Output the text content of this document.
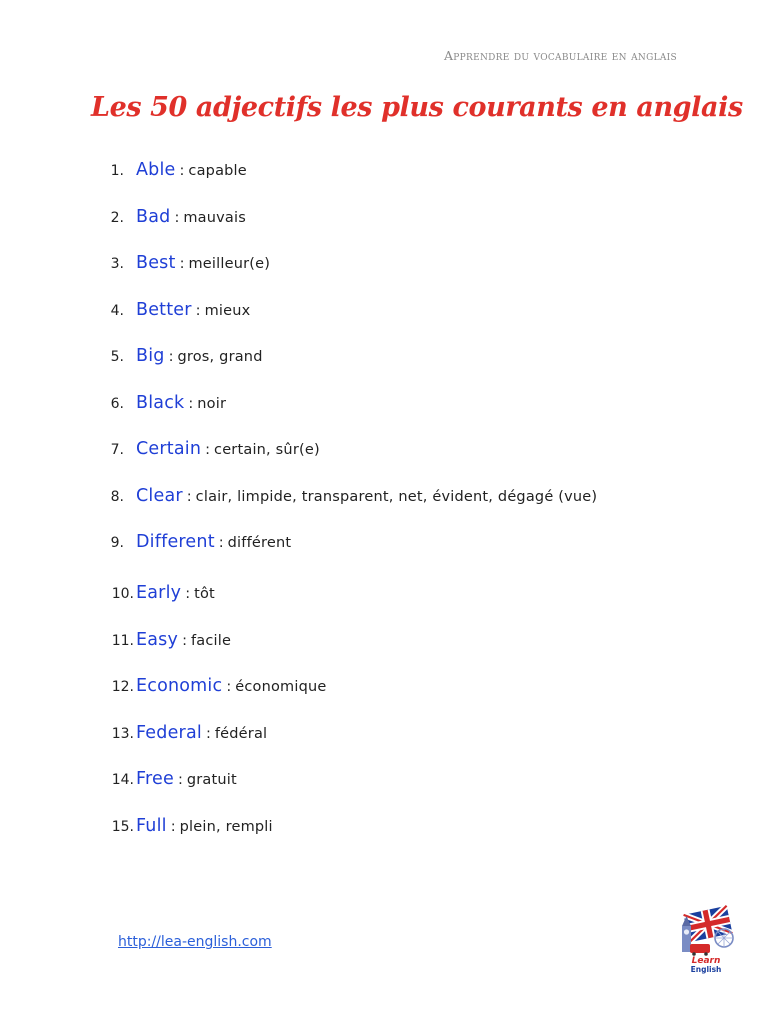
Apprendre du vocabulaire en anglais
Les 50 adjectifs les plus courants en anglais
1. Able : capable
2. Bad : mauvais
3. Best : meilleur(e)
4. Better : mieux
5. Big : gros, grand
6. Black : noir
7. Certain : certain, sûr(e)
8. Clear : clair, limpide, transparent, net, évident, dégagé (vue)
9. Different : différent
10. Early : tôt
11. Easy : facile
12. Economic : économique
13. Federal : fédéral
14. Free : gratuit
15. Full : plein, rempli
http://lea-english.com
Learn
English
